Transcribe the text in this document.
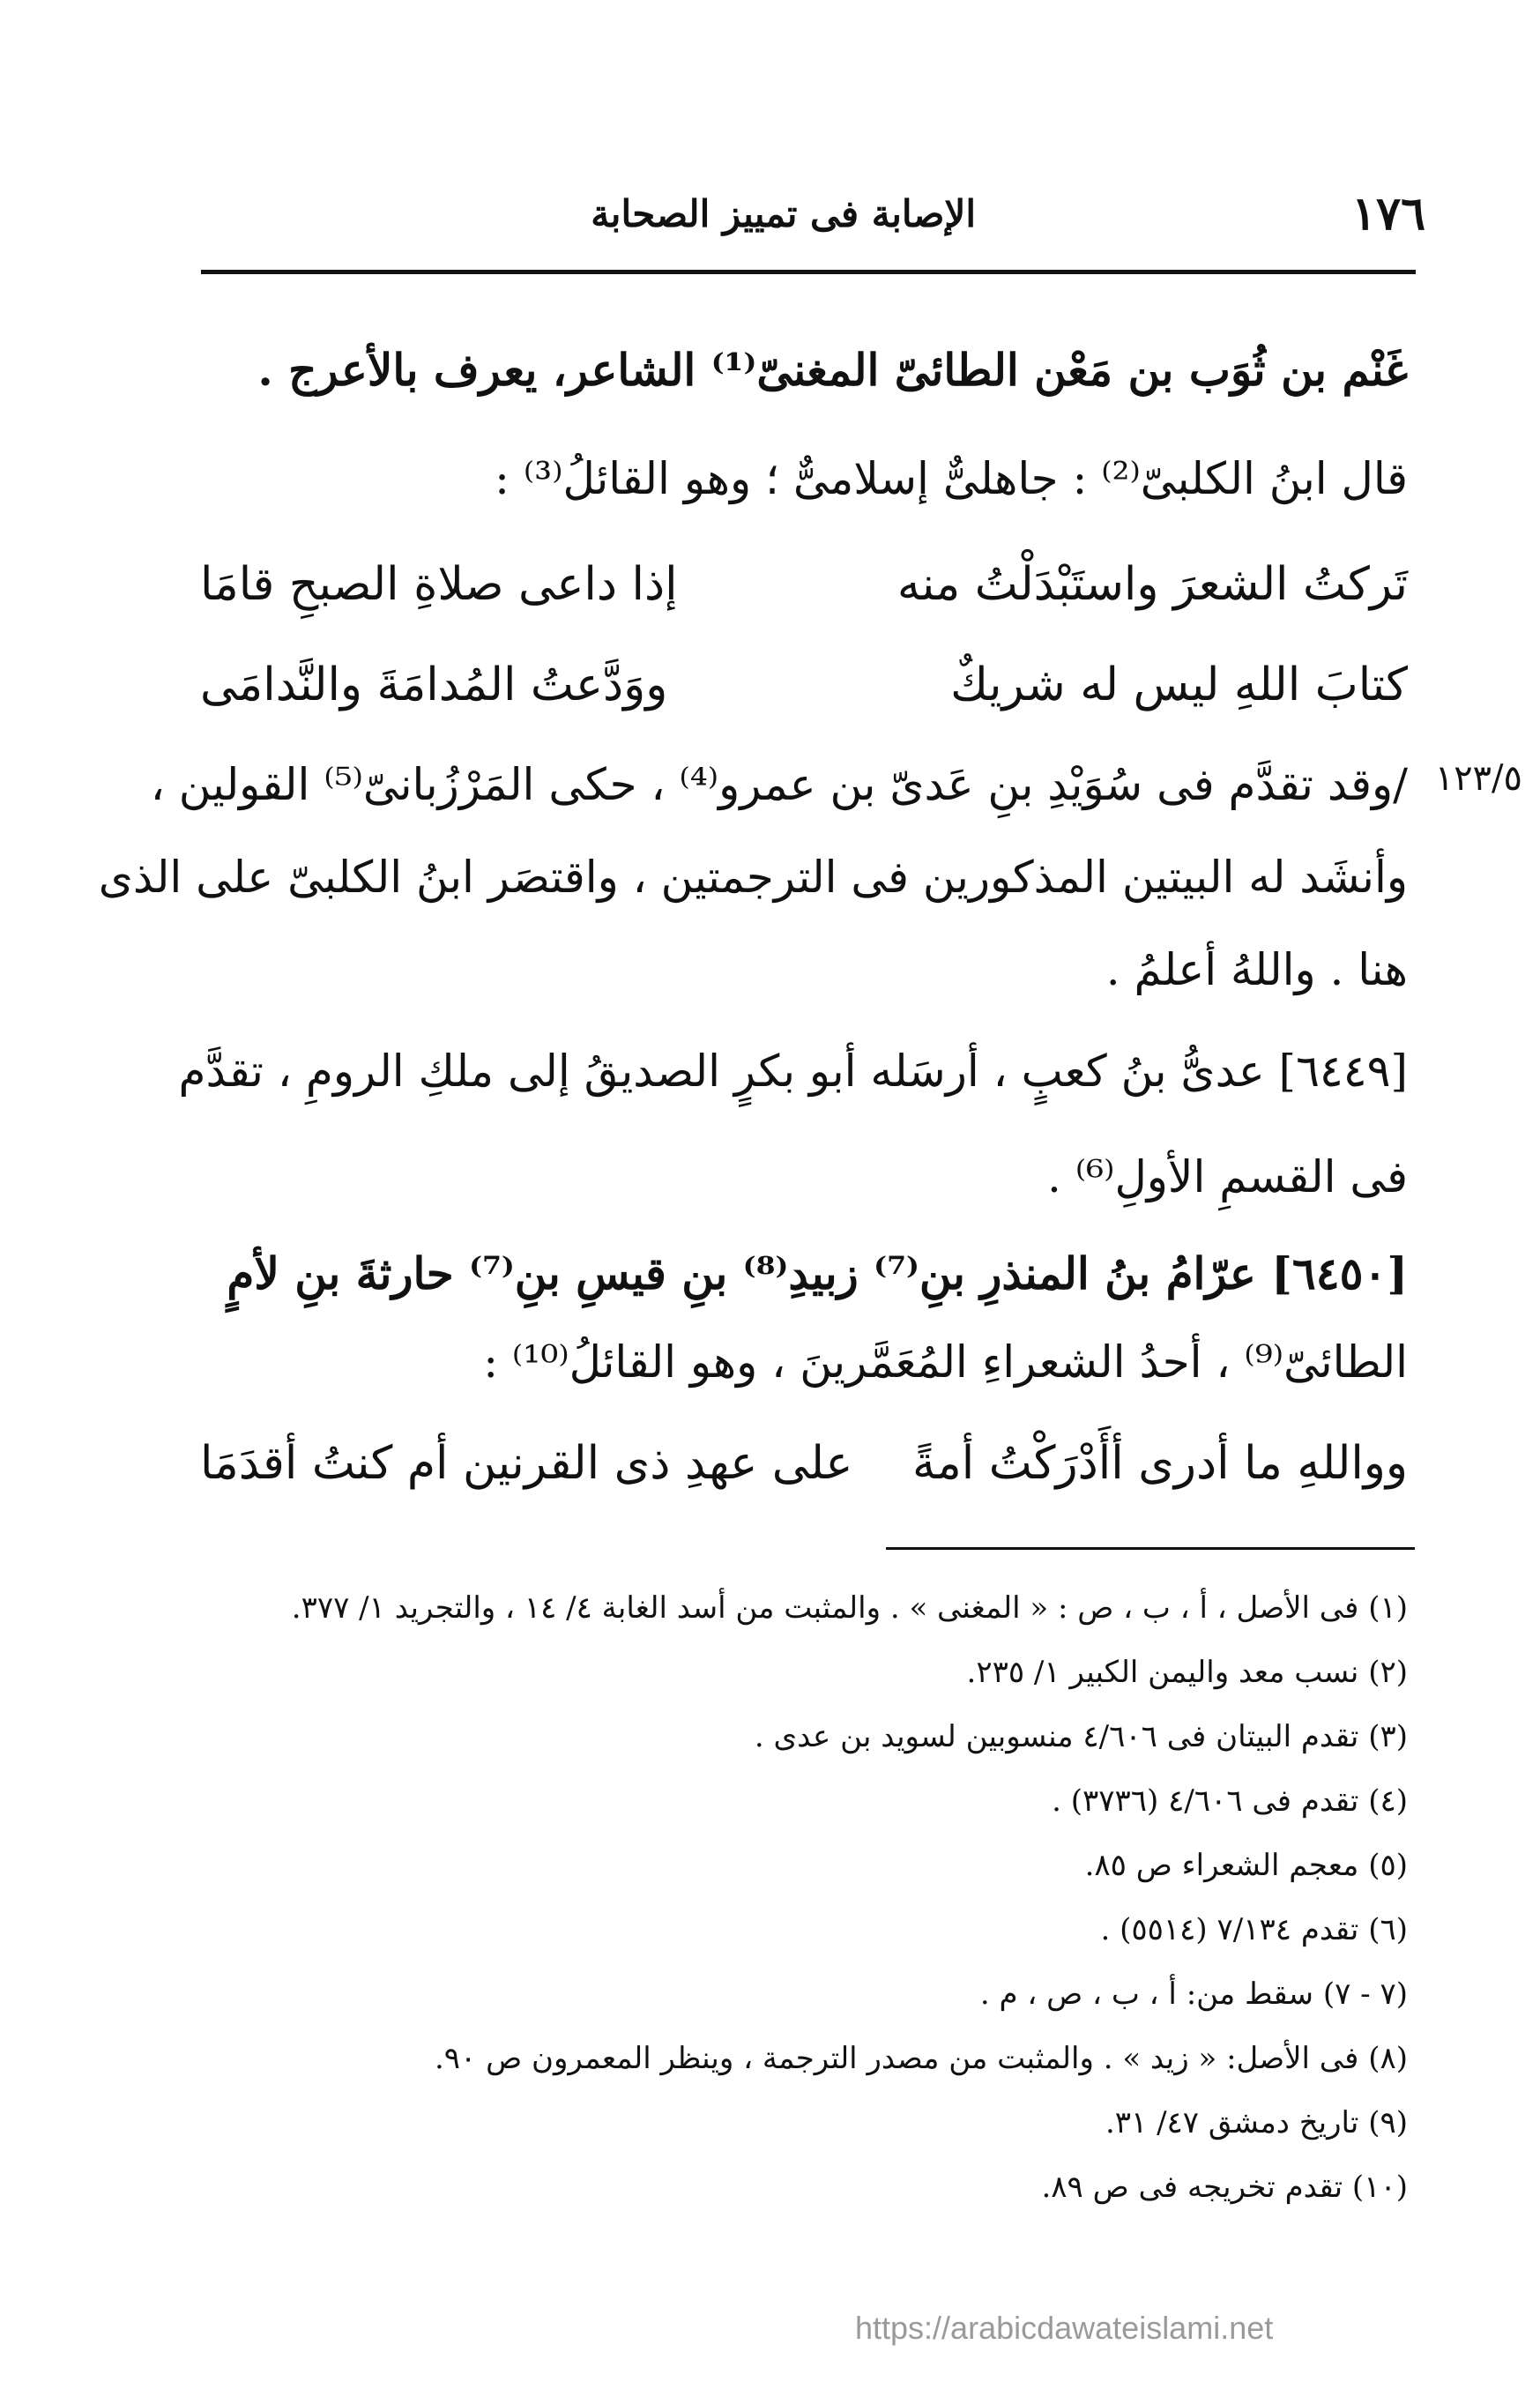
١٧٦
الإصابة فى تمييز الصحابة
١٢٣/٥
غَنْم بن ثُوَب بن مَعْن الطائىّ المغنىّ⁽¹⁾ الشاعر، يعرف بالأعرج .
قال ابنُ الكلبىّ⁽²⁾ : جاهلىٌّ إسلامىٌّ ؛ وهو القائلُ⁽³⁾ :
تَركتُ الشعرَ واستَبْدَلْتُ منه
إذا داعى صلاةِ الصبحِ قامَا
كتابَ اللهِ ليس له شريكٌ
ووَدَّعتُ المُدامَةَ والنَّدامَى
/وقد تقدَّم فى سُوَيْدِ بنِ عَدىّ بن عمرو⁽⁴⁾ ، حكى المَرْزُبانىّ⁽⁵⁾ القولين ،
وأنشَد له البيتين المذكورين فى الترجمتين ، واقتصَر ابنُ الكلبىّ على الذى
هنا . واللهُ أعلمُ .
[٦٤٤٩] عدىُّ بنُ كعبٍ ، أرسَله أبو بكرٍ الصديقُ إلى ملكِ الرومِ ، تقدَّم
فى القسمِ الأولِ⁽⁶⁾ .
[٦٤٥٠] عرّامُ بنُ المنذرِ بنِ⁽⁷⁾ زبيدِ⁽⁸⁾ بنِ قيسِ بنِ⁽⁷⁾ حارثةَ بنِ لأمٍ
الطائىّ⁽⁹⁾ ، أحدُ الشعراءِ المُعَمَّرينَ ، وهو القائلُ⁽¹⁰⁾ :
وواللهِ ما أدرى أأَدْرَكْتُ أمةً
على عهدِ ذى القرنين أم كنتُ أقدَمَا
(١) فى الأصل ، أ ، ب ، ص : « المغنى » . والمثبت من أسد الغابة ٤/ ١٤ ، والتجريد ١/ ٣٧٧.
(٢) نسب معد واليمن الكبير ١/ ٢٣٥.
(٣) تقدم البيتان فى ٤/٦٠٦ منسوبين لسويد بن عدى .
(٤) تقدم فى ٤/٦٠٦ (٣٧٣٦) .
(٥) معجم الشعراء ص ٨٥.
(٦) تقدم ٧/١٣٤ (٥٥١٤) .
(٧ - ٧) سقط من: أ ، ب ، ص ، م .
(٨) فى الأصل: « زيد » . والمثبت من مصدر الترجمة ، وينظر المعمرون ص ٩٠.
(٩) تاريخ دمشق ٤٧/ ٣١.
(١٠) تقدم تخريجه فى ص ٨٩.
https://arabicdawateislami.net
